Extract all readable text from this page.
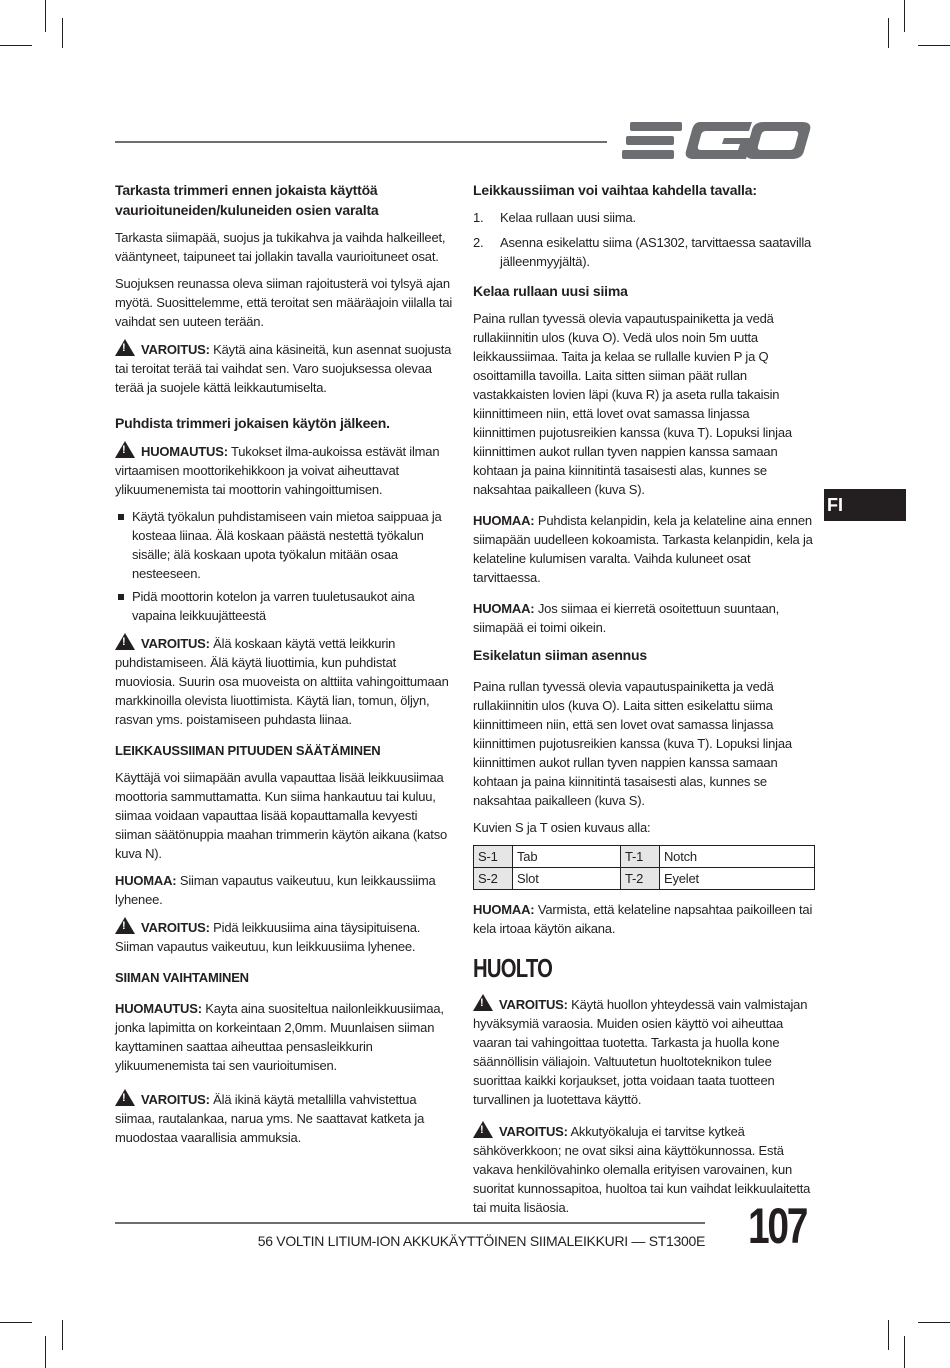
FI
Tarkasta trimmeri ennen jokaista käyttöä vaurioituneiden/kuluneiden osien varalta

Tarkasta siimapää, suojus ja tukikahva ja vaihda halkeilleet, vääntyneet, taipuneet tai jollakin tavalla vaurioituneet osat.

Suojuksen reunassa oleva siiman rajoitusterä voi tylsyä ajan myötä. Suosittelemme, että teroitat sen määräajoin viilalla tai vaihdat sen uuteen terään.

!VAROITUS: Käytä aina käsineitä, kun asennat suojusta tai teroitat terää tai vaihdat sen. Varo suojuksessa olevaa terää ja suojele kättä leikkautumiselta.

Puhdista trimmeri jokaisen käytön jälkeen.

!HUOMAUTUS: Tukokset ilma-aukoissa estävät ilman virtaamisen moottorikehikkoon ja voivat aiheuttavat ylikuumenemista tai moottorin vahingoittumisen.

Käytä työkalun puhdistamiseen vain mietoa saippuaa ja kosteaa liinaa. Älä koskaan päästä nestettä työkalun sisälle; älä koskaan upota työkalun mitään osaa nesteeseen.
Pidä moottorin kotelon ja varren tuuletusaukot aina vapaina leikkuujätteestä

!VAROITUS: Älä koskaan käytä vettä leikkurin puhdistamiseen. Älä käytä liuottimia, kun puhdistat muoviosia. Suurin osa muoveista on alttiita vahingoittumaan markkinoilla olevista liuottimista. Käytä lian, tomun, öljyn, rasvan yms. poistamiseen puhdasta liinaa.

LEIKKAUSSIIMAN PITUUDEN SÄÄTÄMINEN

Käyttäjä voi siimapään avulla vapauttaa lisää leikkuusiimaa moottoria sammuttamatta. Kun siima hankautuu tai kuluu, siimaa voidaan vapauttaa lisää kopauttamalla kevyesti siiman säätönuppia maahan trimmerin käytön aikana (katso kuva N).

HUOMAA: Siiman vapautus vaikeutuu, kun leikkaussiima lyhenee.

!VAROITUS: Pidä leikkuusiima aina täysipituisena. Siiman vapautus vaikeutuu, kun leikkuusiima lyhenee.

SIIMAN VAIHTAMINEN

HUOMAUTUS: Kayta aina suositeltua nailonleikkuusiimaa, jonka lapimitta on korkeintaan 2,0mm. Muunlaisen siiman kayttaminen saattaa aiheuttaa pensasleikkurin ylikuumenemista tai sen vaurioitumisen.

!VAROITUS: Älä ikinä käytä metallilla vahvistettua siimaa, rautalankaa, narua yms. Ne saattavat katketa ja muodostaa vaarallisia ammuksia.

Leikkaussiiman voi vaihtaa kahdella tavalla:
1. Kelaa rullaan uusi siima.
2. Asenna esikelattu siima (AS1302, tarvittaessa saatavilla jälleenmyyjältä).
Kelaa rullaan uusi siima

Paina rullan tyvessä olevia vapautuspainiketta ja vedä rullakiinnitin ulos (kuva O). Vedä ulos noin 5m uutta leikkaussiimaa. Taita ja kelaa se rullalle kuvien P ja Q osoittamilla tavoilla. Laita sitten siiman päät rullan vastakkaisten lovien läpi (kuva R) ja aseta rulla takaisin kiinnittimeen niin, että lovet ovat samassa linjassa kiinnittimen pujotusreikien kanssa (kuva T). Lopuksi linjaa kiinnittimen aukot rullan tyven nappien kanssa samaan kohtaan ja paina kiinnitintä tasaisesti alas, kunnes se naksahtaa paikalleen (kuva S).

HUOMAA: Puhdista kelanpidin, kela ja kelateline aina ennen siimapään uudelleen kokoamista. Tarkasta kelanpidin, kela ja kelateline kulumisen varalta. Vaihda kuluneet osat tarvittaessa.

HUOMAA: Jos siimaa ei kierretä osoitettuun suuntaan, siimapää ei toimi oikein.

Esikelatun siiman asennus

Paina rullan tyvessä olevia vapautuspainiketta ja vedä rullakiinnitin ulos (kuva O). Laita sitten esikelattu siima kiinnittimeen niin, että sen lovet ovat samassa linjassa kiinnittimen pujotusreikien kanssa (kuva T). Lopuksi linjaa kiinnittimen aukot rullan tyven nappien kanssa samaan kohtaan ja paina kiinnitintä tasaisesti alas, kunnes se naksahtaa paikalleen (kuva S).

Kuvien S ja T osien kuvaus alla:

S-1	Tab	T-1	Notch
S-2	Slot	T-2	Eyelet

HUOMAA: Varmista, että kelateline napsahtaa paikoilleen tai kela irtoaa käytön aikana.

HUOLTO

!VAROITUS: Käytä huollon yhteydessä vain valmistajan hyväksymiä varaosia. Muiden osien käyttö voi aiheuttaa vaaran tai vahingoittaa tuotetta. Tarkasta ja huolla kone säännöllisin väliajoin. Valtuutetun huoltoteknikon tulee suorittaa kaikki korjaukset, jotta voidaan taata tuotteen turvallinen ja luotettava käyttö.

!VAROITUS: Akkutyökaluja ei tarvitse kytkeä sähköverkkoon; ne ovat siksi aina käyttökunnossa. Estä vakava henkilövahinko olemalla erityisen varovainen, kun suoritat kunnossapitoa, huoltoa tai kun vaihdat leikkuulaitetta tai muita lisäosia.

56 VOLTIN LITIUM-ION AKKUKÄYTTÖINEN SIIMALEIKKURI — ST1300E 107
